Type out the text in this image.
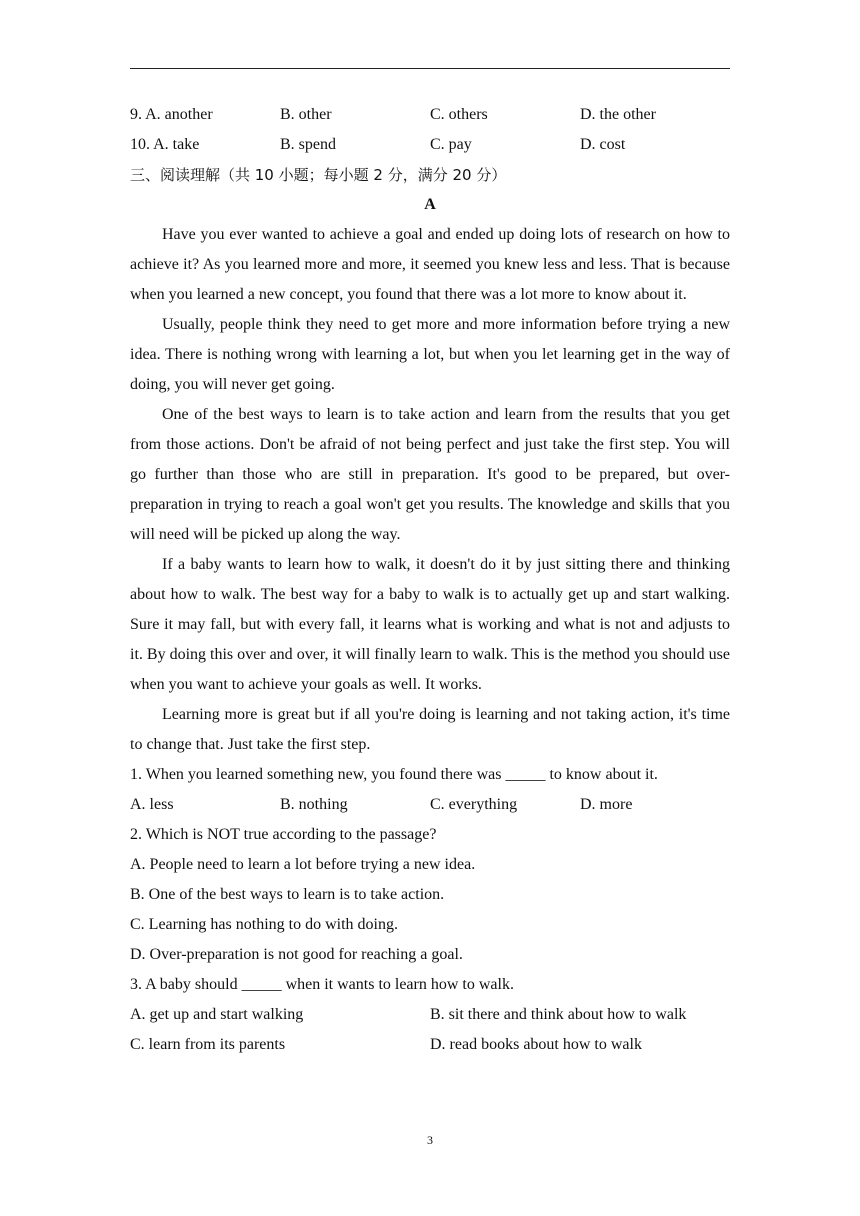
9. A. another	B. other	C. others	D. the other
10. A. take	B. spend	C. pay	D. cost
三、阅读理解（共 10 小题；每小题 2 分，满分 20 分）
A

Have you ever wanted to achieve a goal and ended up doing lots of research on how to achieve it? As you learned more and more, it seemed you knew less and less. That is because when you learned a new concept, you found that there was a lot more to know about it.

Usually, people think they need to get more and more information before trying a new idea. There is nothing wrong with learning a lot, but when you let learning get in the way of doing, you will never get going.

One of the best ways to learn is to take action and learn from the results that you get from those actions. Don't be afraid of not being perfect and just take the first step. You will go further than those who are still in preparation. It's good to be prepared, but over-preparation in trying to reach a goal won't get you results. The knowledge and skills that you will need will be picked up along the way.

If a baby wants to learn how to walk, it doesn't do it by just sitting there and thinking about how to walk. The best way for a baby to walk is to actually get up and start walking. Sure it may fall, but with every fall, it learns what is working and what is not and adjusts to it. By doing this over and over, it will finally learn to walk. This is the method you should use when you want to achieve your goals as well. It works.

Learning more is great but if all you're doing is learning and not taking action, it's time to change that. Just take the first step.

1. When you learned something new, you found there was _____ to know about it.
A. less	B. nothing	C. everything	D. more
2. Which is NOT true according to the passage?
A. People need to learn a lot before trying a new idea.
B. One of the best ways to learn is to take action.
C. Learning has nothing to do with doing.
D. Over-preparation is not good for reaching a goal.
3. A baby should _____ when it wants to learn how to walk.
A. get up and start walking	B. sit there and think about how to walk
C. learn from its parents	D. read books about how to walk
3
